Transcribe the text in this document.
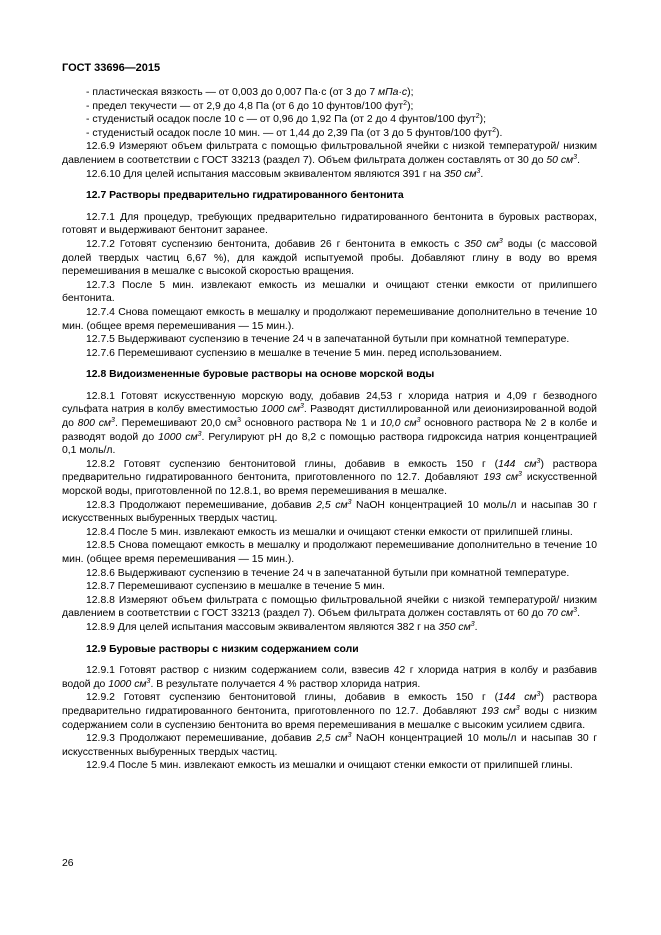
ГОСТ 33696—2015

- пластическая вязкость — от 0,003 до 0,007 Па·с (от 3 до 7 мПа·с);

- предел текучести — от 2,9 до 4,8 Па (от 6 до 10 фунтов/100 фут$^2$);

- студенистый осадок после 10 с — от 0,96 до 1,92 Па (от 2 до 4 фунтов/100 фут$^2$);

- студенистый осадок после 10 мин. — от 1,44 до 2,39 Па (от 3 до 5 фунтов/100 фут$^2$).

12.6.9 Измеряют объем фильтрата с помощью фильтровальной ячейки с низкой температурой/ низким давлением в соответствии с ГОСТ 33213 (раздел 7). Объем фильтрата должен составлять от 30 до 50 $см^3$.

12.6.10 Для целей испытания массовым эквивалентом являются 391 г на 350 $см^3$.

12.7 Растворы предварительно гидратированного бентонита

12.7.1 Для процедур, требующих предварительно гидратированного бентонита в буровых растворах, готовят и выдерживают бентонит заранее.

12.7.2 Готовят суспензию бентонита, добавив 26 г бентонита в емкость с 350 $см^3$ воды (с массовой долей твердых частиц 6,67 %), для каждой испытуемой пробы. Добавляют глину в воду во время перемешивания в мешалке с высокой скоростью вращения.

12.7.3 После 5 мин. извлекают емкость из мешалки и очищают стенки емкости от прилипшего бентонита.

12.7.4 Снова помещают емкость в мешалку и продолжают перемешивание дополнительно в течение 10 мин. (общее время перемешивания — 15 мин.).

12.7.5 Выдерживают суспензию в течение 24 ч в запечатанной бутыли при комнатной температуре.

12.7.6 Перемешивают суспензию в мешалке в течение 5 мин. перед использованием.

12.8 Видоизмененные буровые растворы на основе морской воды

12.8.1 Готовят искусственную морскую воду, добавив 24,53 г хлорида натрия и 4,09 г безводного сульфата натрия в колбу вместимостью 1000 $см^3$. Разводят дистиллированной или деионизированной водой до 800 $см^3$. Перемешивают 20,0 $см^3$ основного раствора № 1 и 10,0 $см^3$ основного раствора № 2 в колбе и разводят водой до 1000 $см^3$. Регулируют pH до 8,2 с помощью раствора гидроксида натрия концентрацией 0,1 моль/л.

12.8.2 Готовят суспензию бентонитовой глины, добавив в емкость 150 г (144 $см^3$) раствора предварительно гидратированного бентонита, приготовленного по 12.7. Добавляют 193 $см^3$ искусственной морской воды, приготовленной по 12.8.1, во время перемешивания в мешалке.

12.8.3 Продолжают перемешивание, добавив 2,5 $см^3$ NaOH концентрацией 10 моль/л и насыпав 30 г искусственных выбуренных твердых частиц.

12.8.4 После 5 мин. извлекают емкость из мешалки и очищают стенки емкости от прилипшей глины.

12.8.5 Снова помещают емкость в мешалку и продолжают перемешивание дополнительно в течение 10 мин. (общее время перемешивания — 15 мин.).

12.8.6 Выдерживают суспензию в течение 24 ч в запечатанной бутыли при комнатной температуре.

12.8.7 Перемешивают суспензию в мешалке в течение 5 мин.

12.8.8 Измеряют объем фильтрата с помощью фильтровальной ячейки с низкой температурой/ низким давлением в соответствии с ГОСТ 33213 (раздел 7). Объем фильтрата должен составлять от 60 до 70 $см^3$.

12.8.9 Для целей испытания массовым эквивалентом являются 382 г на 350 $см^3$.

12.9 Буровые растворы с низким содержанием соли

12.9.1 Готовят раствор с низким содержанием соли, взвесив 42 г хлорида натрия в колбу и разбавив водой до 1000 $см^3$. В результате получается 4 % раствор хлорида натрия.

12.9.2 Готовят суспензию бентонитовой глины, добавив в емкость 150 г (144 $см^3$) раствора предварительно гидратированного бентонита, приготовленного по 12.7. Добавляют 193 $см^3$ воды с низким содержанием соли в суспензию бентонита во время перемешивания в мешалке с высоким усилием сдвига.

12.9.3 Продолжают перемешивание, добавив 2,5 $см^3$ NaOH концентрацией 10 моль/л и насыпав 30 г искусственных выбуренных твердых частиц.

12.9.4 После 5 мин. извлекают емкость из мешалки и очищают стенки емкости от прилипшей глины.

26
